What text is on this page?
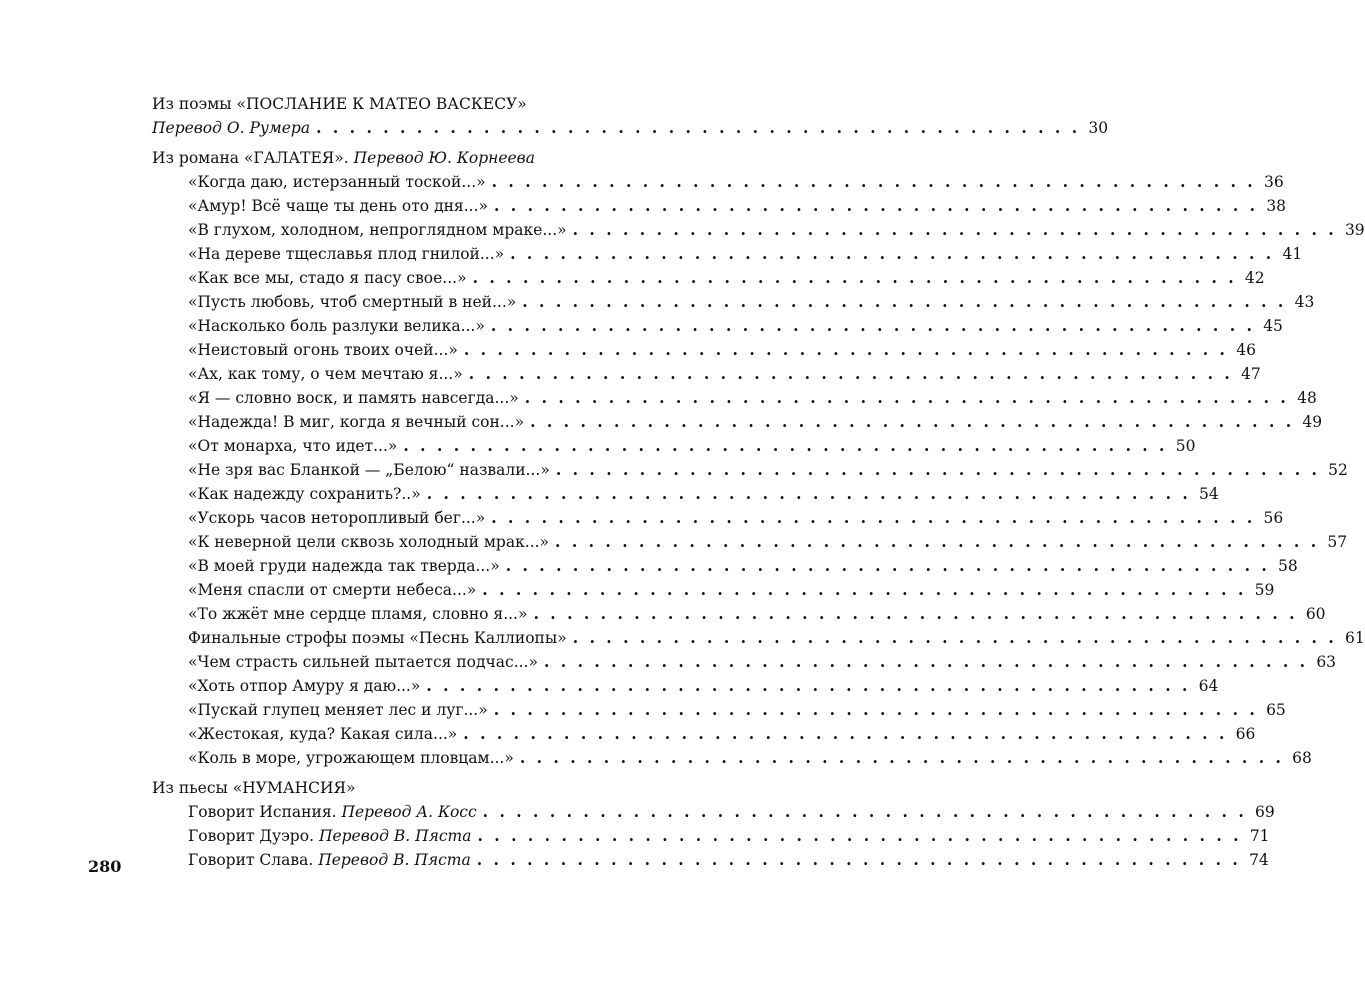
Из поэмы «ПОСЛАНИЕ К МАТЕО ВАСКЕСУ»
Перевод О. Румера . . . . . . . . . . . . . . . . . . . . . . . . . . . . . . . . . . . . . . . . . . . . . . 30
Из романа «ГАЛАТЕЯ». Перевод Ю. Корнеева
«Когда даю, истерзанный тоской...» . . . . . . . . . . . . . . . . . . . . . . . . . . . . . . . . . . . . . . . . . . . . . . 36
«Амур! Всё чаще ты день ото дня...» . . . . . . . . . . . . . . . . . . . . . . . . . . . . . . . . . . . . . . . . . . . . . . 38
«В глухом, холодном, непроглядном мраке...» . . . . . . . . . . . . . . . . . . . . . . . . . . . . . . . . . . . . . . . . . . . . . . 39
«На дереве тщеславья плод гнилой...» . . . . . . . . . . . . . . . . . . . . . . . . . . . . . . . . . . . . . . . . . . . . . . 41
«Как все мы, стадо я пасу свое...» . . . . . . . . . . . . . . . . . . . . . . . . . . . . . . . . . . . . . . . . . . . . . . 42
«Пусть любовь, чтоб смертный в ней...» . . . . . . . . . . . . . . . . . . . . . . . . . . . . . . . . . . . . . . . . . . . . . . 43
«Насколько боль разлуки велика...» . . . . . . . . . . . . . . . . . . . . . . . . . . . . . . . . . . . . . . . . . . . . . . 45
«Неистовый огонь твоих очей...» . . . . . . . . . . . . . . . . . . . . . . . . . . . . . . . . . . . . . . . . . . . . . . 46
«Ах, как тому, о чем мечтаю я...» . . . . . . . . . . . . . . . . . . . . . . . . . . . . . . . . . . . . . . . . . . . . . . 47
«Я — словно воск, и память навсегда...» . . . . . . . . . . . . . . . . . . . . . . . . . . . . . . . . . . . . . . . . . . . . . . 48
«Надежда! В миг, когда я вечный сон...» . . . . . . . . . . . . . . . . . . . . . . . . . . . . . . . . . . . . . . . . . . . . . . 49
«От монарха, что идет...» . . . . . . . . . . . . . . . . . . . . . . . . . . . . . . . . . . . . . . . . . . . . . . 50
«Не зря вас Бланкой — „Белою“ назвали...» . . . . . . . . . . . . . . . . . . . . . . . . . . . . . . . . . . . . . . . . . . . . . . 52
«Как надежду сохранить?..» . . . . . . . . . . . . . . . . . . . . . . . . . . . . . . . . . . . . . . . . . . . . . . 54
«Ускорь часов неторопливый бег...» . . . . . . . . . . . . . . . . . . . . . . . . . . . . . . . . . . . . . . . . . . . . . . 56
«К неверной цели сквозь холодный мрак...» . . . . . . . . . . . . . . . . . . . . . . . . . . . . . . . . . . . . . . . . . . . . . . 57
«В моей груди надежда так тверда...» . . . . . . . . . . . . . . . . . . . . . . . . . . . . . . . . . . . . . . . . . . . . . . 58
«Меня спасли от смерти небеса...» . . . . . . . . . . . . . . . . . . . . . . . . . . . . . . . . . . . . . . . . . . . . . . 59
«То жжёт мне сердце пламя, словно я...» . . . . . . . . . . . . . . . . . . . . . . . . . . . . . . . . . . . . . . . . . . . . . . 60
Финальные строфы поэмы «Песнь Каллиопы» . . . . . . . . . . . . . . . . . . . . . . . . . . . . . . . . . . . . . . . . . . . . . . 61
«Чем страсть сильней пытается подчас...» . . . . . . . . . . . . . . . . . . . . . . . . . . . . . . . . . . . . . . . . . . . . . . 63
«Хоть отпор Амуру я даю...» . . . . . . . . . . . . . . . . . . . . . . . . . . . . . . . . . . . . . . . . . . . . . . 64
«Пускай глупец меняет лес и луг...» . . . . . . . . . . . . . . . . . . . . . . . . . . . . . . . . . . . . . . . . . . . . . . 65
«Жестокая, куда? Какая сила...» . . . . . . . . . . . . . . . . . . . . . . . . . . . . . . . . . . . . . . . . . . . . . . 66
«Коль в море, угрожающем пловцам...» . . . . . . . . . . . . . . . . . . . . . . . . . . . . . . . . . . . . . . . . . . . . . . 68
Из пьесы «НУМАНСИЯ»
Говорит Испания. Перевод А. Косс . . . . . . . . . . . . . . . . . . . . . . . . . . . . . . . . . . . . . . . . . . . . . . 69
Говорит Дуэро. Перевод В. Пяста . . . . . . . . . . . . . . . . . . . . . . . . . . . . . . . . . . . . . . . . . . . . . . 71
Говорит Слава. Перевод В. Пяста . . . . . . . . . . . . . . . . . . . . . . . . . . . . . . . . . . . . . . . . . . . . . . 74
280
